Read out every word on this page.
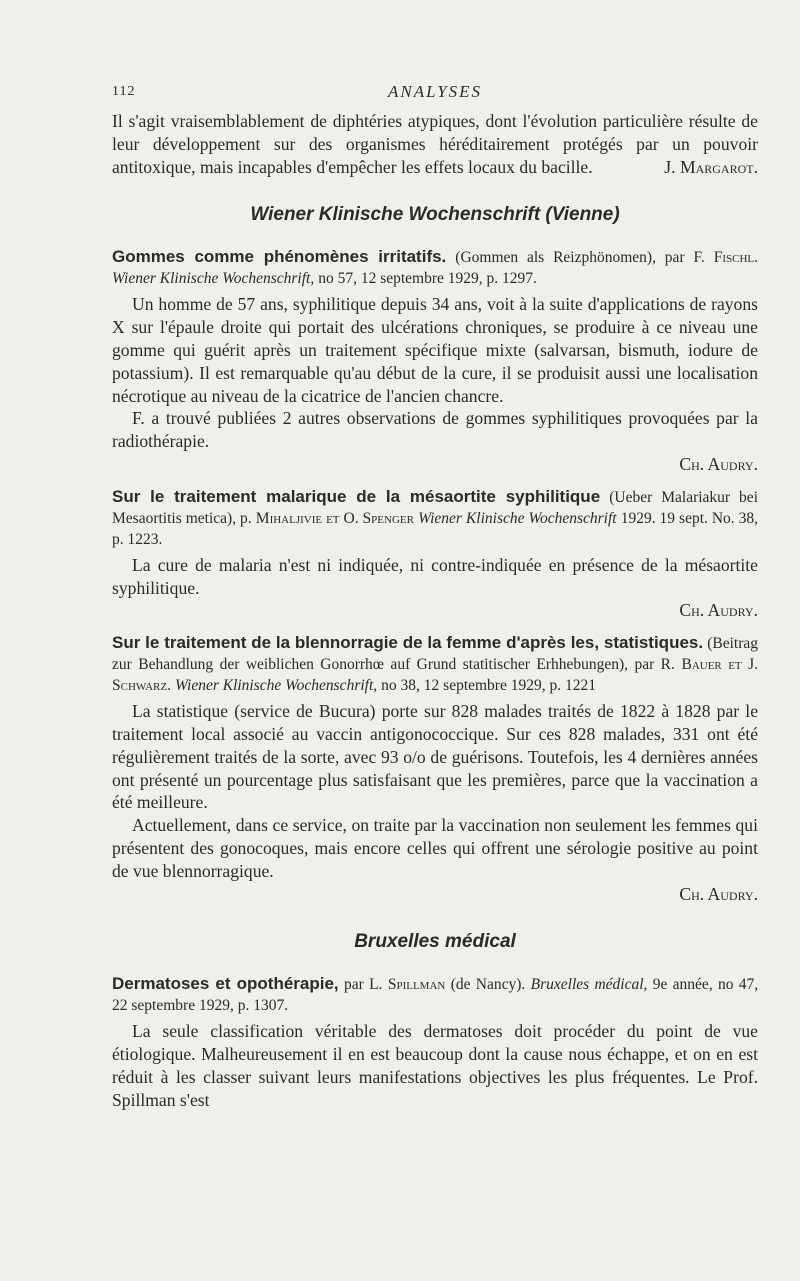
112	ANALYSES

Il s'agit vraisemblablement de diphtéries atypiques, dont l'évolution particulière résulte de leur développement sur des organismes héréditairement protégés par un pouvoir antitoxique, mais incapables d'empêcher les effets locaux du bacille.	J. Margarot.

Wiener Klinische Wochenschrift (Vienne)
Gommes comme phénomènes irritatifs. (Gommen als Reizphönomen), par F. Fischl. Wiener Klinische Wochenschrift, no 57, 12 septembre 1929, p. 1297.

Un homme de 57 ans, syphilitique depuis 34 ans, voit à la suite d'applications de rayons X sur l'épaule droite qui portait des ulcérations chroniques, se produire à ce niveau une gomme qui guérit après un traitement spécifique mixte (salvarsan, bismuth, iodure de potassium). Il est remarquable qu'au début de la cure, il se produisit aussi une localisation nécrotique au niveau de la cicatrice de l'ancien chancre.

F. a trouvé publiées 2 autres observations de gommes syphilitiques provoquées par la radiothérapie.

Ch. Audry.

Sur le traitement malarique de la mésaortite syphilitique (Ueber Malariakur bei Mesaortitis metica), p. Mihaljivie et O. Spenger Wiener Klinische Wochenschrift 1929. 19 sept. No. 38, p. 1223.

La cure de malaria n'est ni indiquée, ni contre-indiquée en présence de la mésaortite syphilitique.

Ch. Audry.

Sur le traitement de la blennorragie de la femme d'après les, statistiques. (Beitrag zur Behandlung der weiblichen Gonorrhœ auf Grund statitischer Erhhebungen), par R. Bauer et J. Schwarz. Wiener Klinische Wochenschrift, no 38, 12 septembre 1929, p. 1221

La statistique (service de Bucura) porte sur 828 malades traités de 1822 à 1828 par le traitement local associé au vaccin antigonococcique. Sur ces 828 malades, 331 ont été régulièrement traités de la sorte, avec 93 o/o de guérisons. Toutefois, les 4 dernières années ont présenté un pourcentage plus satisfaisant que les premières, parce que la vaccination a été meilleure.

Actuellement, dans ce service, on traite par la vaccination non seulement les femmes qui présentent des gonocoques, mais encore celles qui offrent une sérologie positive au point de vue blennorragique.

Ch. Audry.

Bruxelles médical
Dermatoses et opothérapie, par L. Spillman (de Nancy). Bruxelles médical, 9e année, no 47, 22 septembre 1929, p. 1307.

La seule classification véritable des dermatoses doit procéder du point de vue étiologique. Malheureusement il en est beaucoup dont la cause nous échappe, et on en est réduit à les classer suivant leurs manifestations objectives les plus fréquentes. Le Prof. Spillman s'est
